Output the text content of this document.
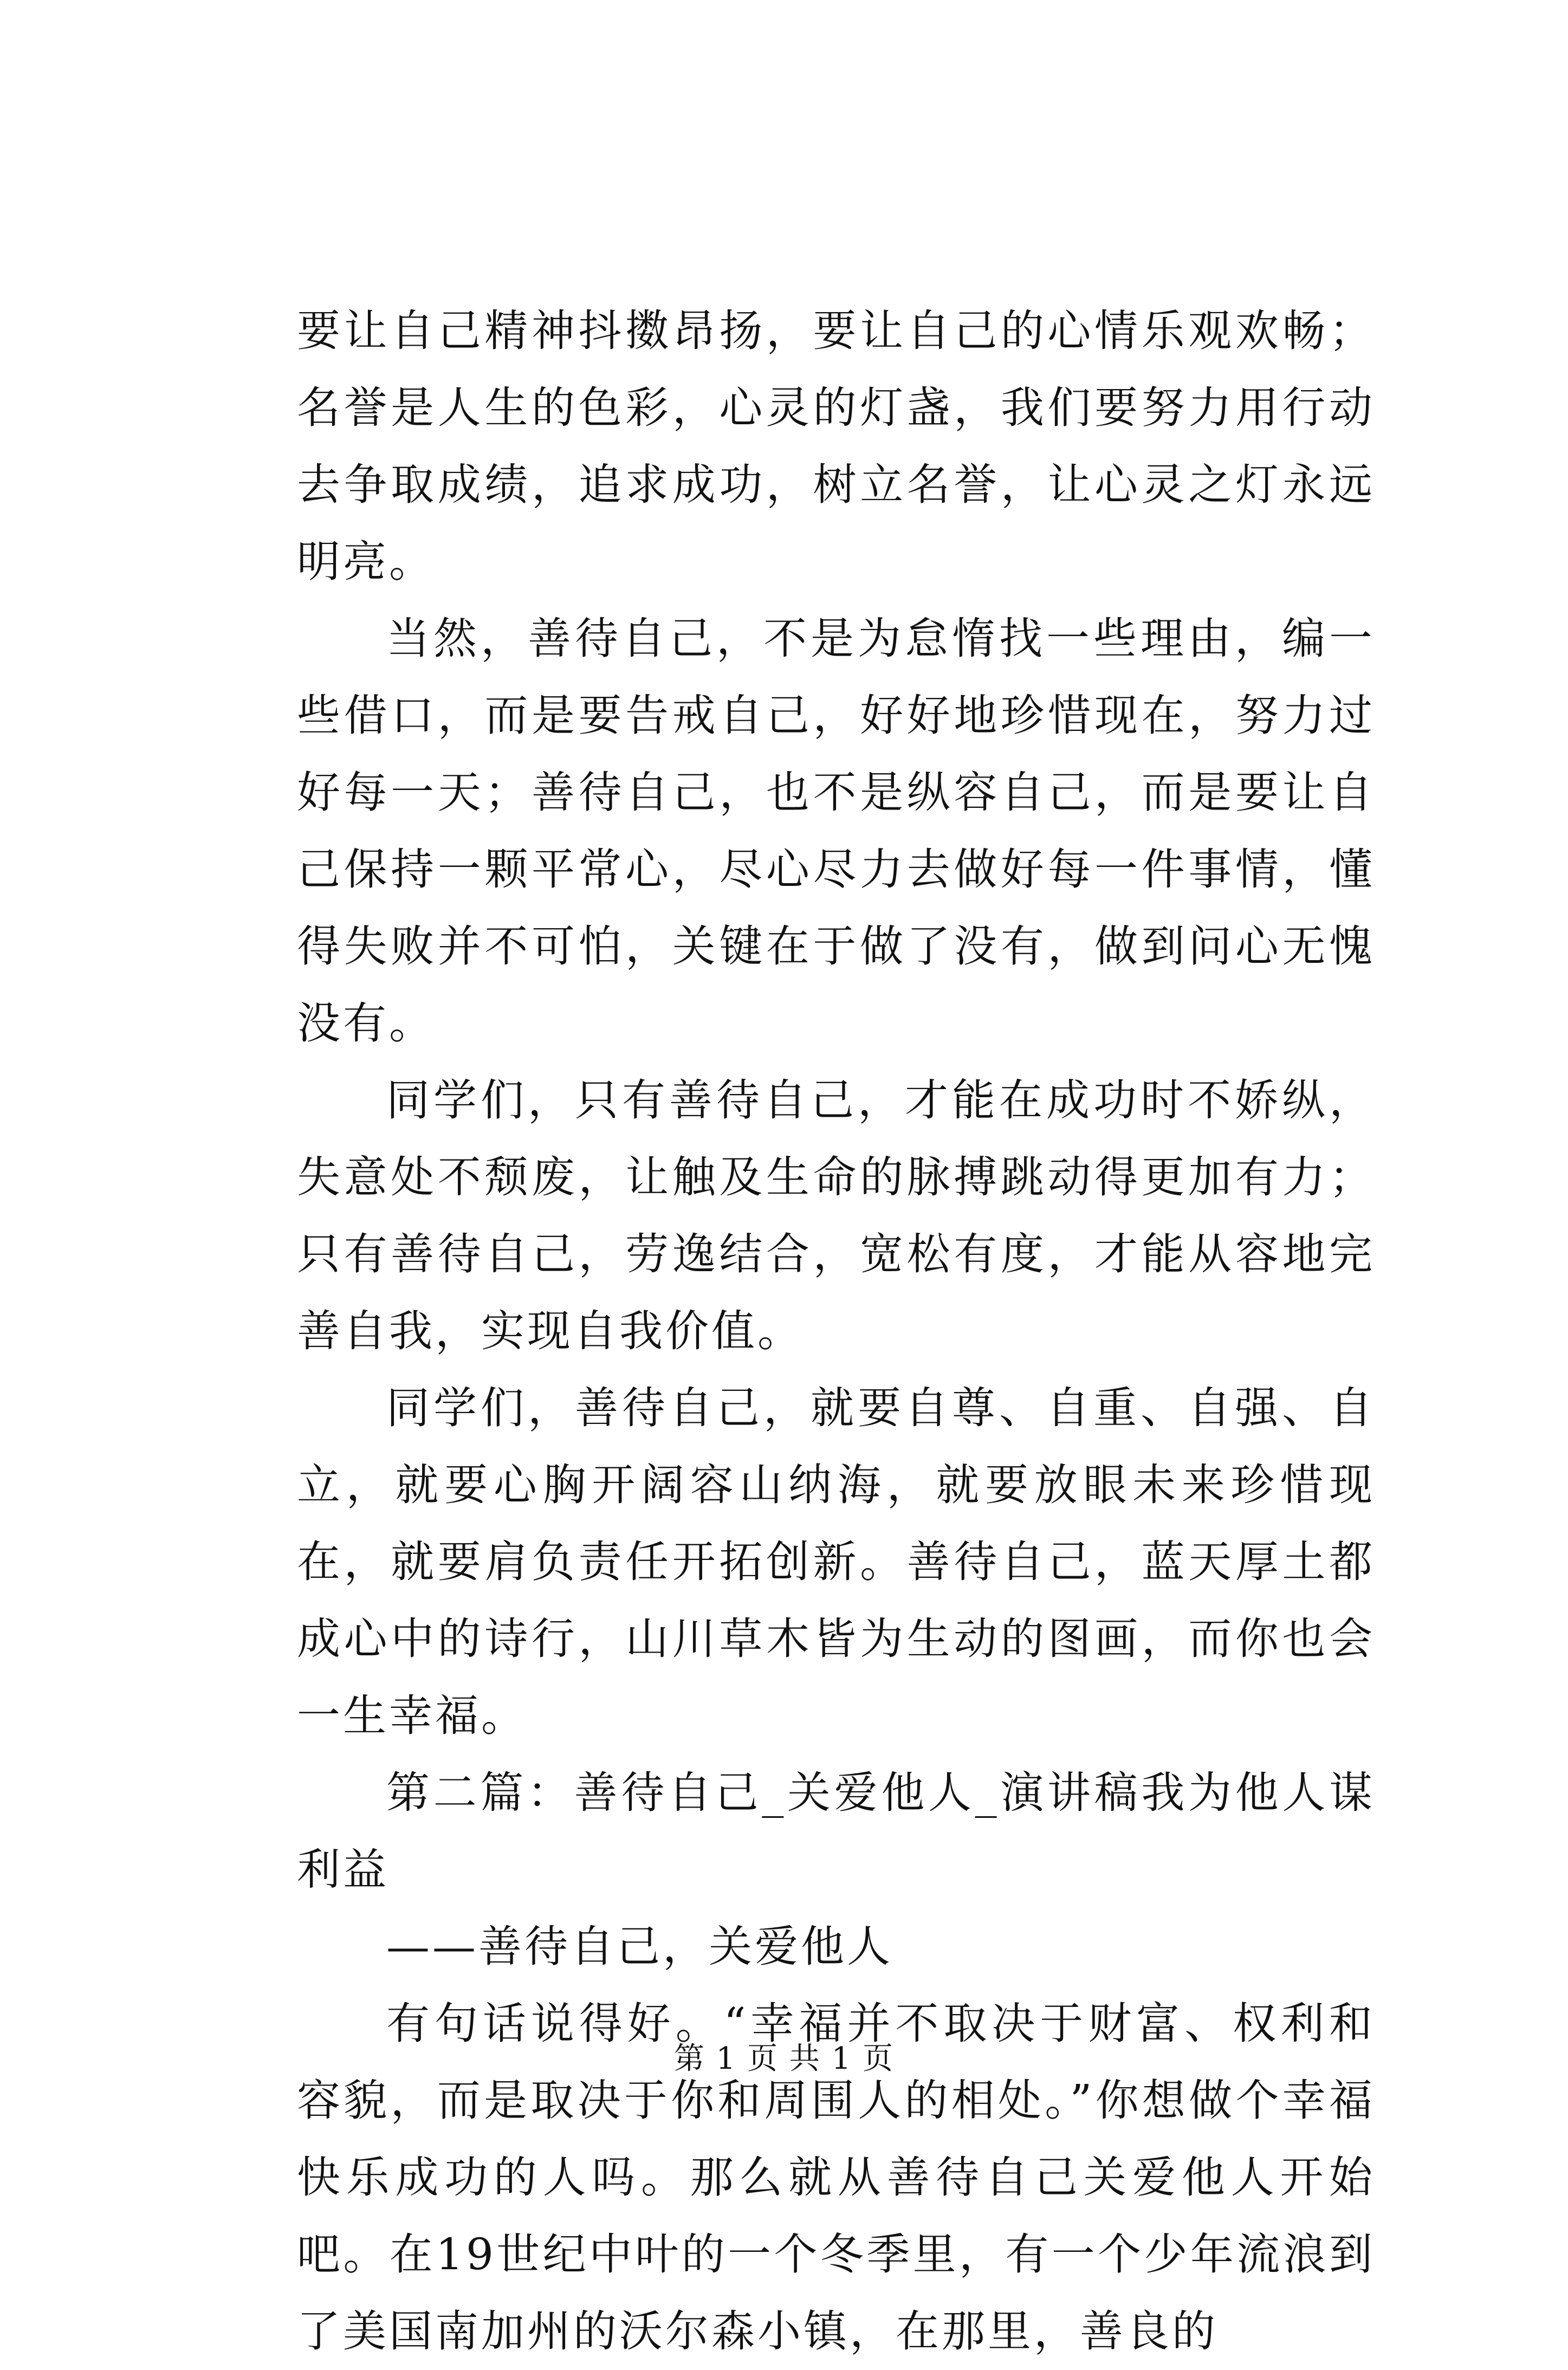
要让自己精神抖擞昂扬，要让自己的心情乐观欢畅；名誉是人生的色彩，心灵的灯盏，我们要努力用行动去争取成绩，追求成功，树立名誉，让心灵之灯永远明亮。

当然，善待自己，不是为怠惰找一些理由，编一些借口，而是要告戒自己，好好地珍惜现在，努力过好每一天；善待自己，也不是纵容自己，而是要让自己保持一颗平常心，尽心尽力去做好每一件事情，懂得失败并不可怕，关键在于做了没有，做到问心无愧没有。

同学们，只有善待自己，才能在成功时不娇纵，失意处不颓废，让触及生命的脉搏跳动得更加有力；只有善待自己，劳逸结合，宽松有度，才能从容地完善自我，实现自我价值。

同学们，善待自己，就要自尊、自重、自强、自立，就要心胸开阔容山纳海，就要放眼未来珍惜现在，就要肩负责任开拓创新。善待自己，蓝天厚土都成心中的诗行，山川草木皆为生动的图画，而你也会一生幸福。

第二篇：善待自己_关爱他人_演讲稿我为他人谋利益

——善待自己，关爱他人

有句话说得好。“幸福并不取决于财富、权利和容貌，而是取决于你和周围人的相处。”你想做个幸福快乐成功的人吗。那么就从善待自己关爱他人开始吧。在19世纪中叶的一个冬季里，有一个少年流浪到了美国南加州的沃尔森小镇，在那里，善良的

第 1 页 共 1 页
